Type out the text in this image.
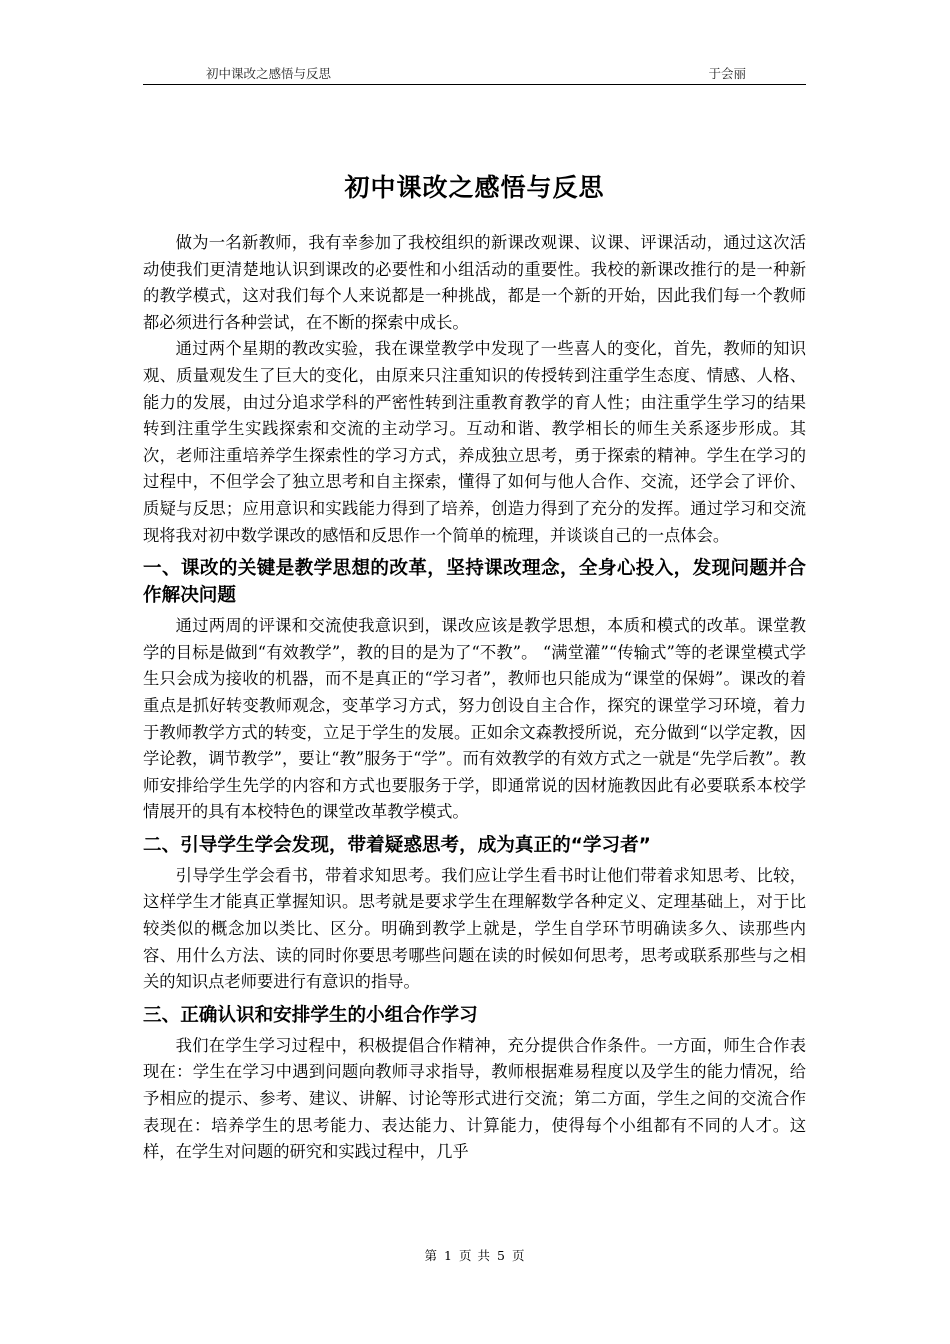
初中课改之感悟与反思	于会丽
初中课改之感悟与反思

做为一名新教师，我有幸参加了我校组织的新课改观课、议课、评课活动，通过这次活动使我们更清楚地认识到课改的必要性和小组活动的重要性。我校的新课改推行的是一种新的教学模式，这对我们每个人来说都是一种挑战，都是一个新的开始，因此我们每一个教师都必须进行各种尝试，在不断的探索中成长。

通过两个星期的教改实验，我在课堂教学中发现了一些喜人的变化，首先，教师的知识观、质量观发生了巨大的变化，由原来只注重知识的传授转到注重学生态度、情感、人格、能力的发展，由过分追求学科的严密性转到注重教育教学的育人性；由注重学生学习的结果转到注重学生实践探索和交流的主动学习。互动和谐、教学相长的师生关系逐步形成。其次，老师注重培养学生探索性的学习方式，养成独立思考，勇于探索的精神。学生在学习的过程中，不但学会了独立思考和自主探索，懂得了如何与他人合作、交流，还学会了评价、质疑与反思；应用意识和实践能力得到了培养，创造力得到了充分的发挥。通过学习和交流现将我对初中数学课改的感悟和反思作一个简单的梳理，并谈谈自己的一点体会。

一、课改的关键是教学思想的改革，坚持课改理念，全身心投入，发现问题并合作解决问题

通过两周的评课和交流使我意识到，课改应该是教学思想，本质和模式的改革。课堂教学的目标是做到“有效教学”，教的目的是为了“不教”。 “满堂灌”“传输式”等的老课堂模式学生只会成为接收的机器，而不是真正的“学习者”，教师也只能成为“课堂的保姆”。课改的着重点是抓好转变教师观念，变革学习方式，努力创设自主合作，探究的课堂学习环境，着力于教师教学方式的转变，立足于学生的发展。正如余文森教授所说，充分做到“以学定教，因学论教，调节教学”，要让“教”服务于“学”。而有效教学的有效方式之一就是“先学后教”。教师安排给学生先学的内容和方式也要服务于学，即通常说的因材施教因此有必要联系本校学情展开的具有本校特色的课堂改革教学模式。

二、引导学生学会发现，带着疑惑思考，成为真正的“学习者”

引导学生学会看书，带着求知思考。我们应让学生看书时让他们带着求知思考、比较，这样学生才能真正掌握知识。思考就是要求学生在理解数学各种定义、定理基础上，对于比较类似的概念加以类比、区分。明确到教学上就是，学生自学环节明确读多久、读那些内容、用什么方法、读的同时你要思考哪些问题在读的时候如何思考，思考或联系那些与之相关的知识点老师要进行有意识的指导。

三、正确认识和安排学生的小组合作学习

我们在学生学习过程中，积极提倡合作精神，充分提供合作条件。一方面，师生合作表现在：学生在学习中遇到问题向教师寻求指导，教师根据难易程度以及学生的能力情况，给予相应的提示、参考、建议、讲解、讨论等形式进行交流；第二方面，学生之间的交流合作表现在：培养学生的思考能力、表达能力、计算能力，使得每个小组都有不同的人才。这样，在学生对问题的研究和实践过程中，几乎

第 1 页 共 5 页
